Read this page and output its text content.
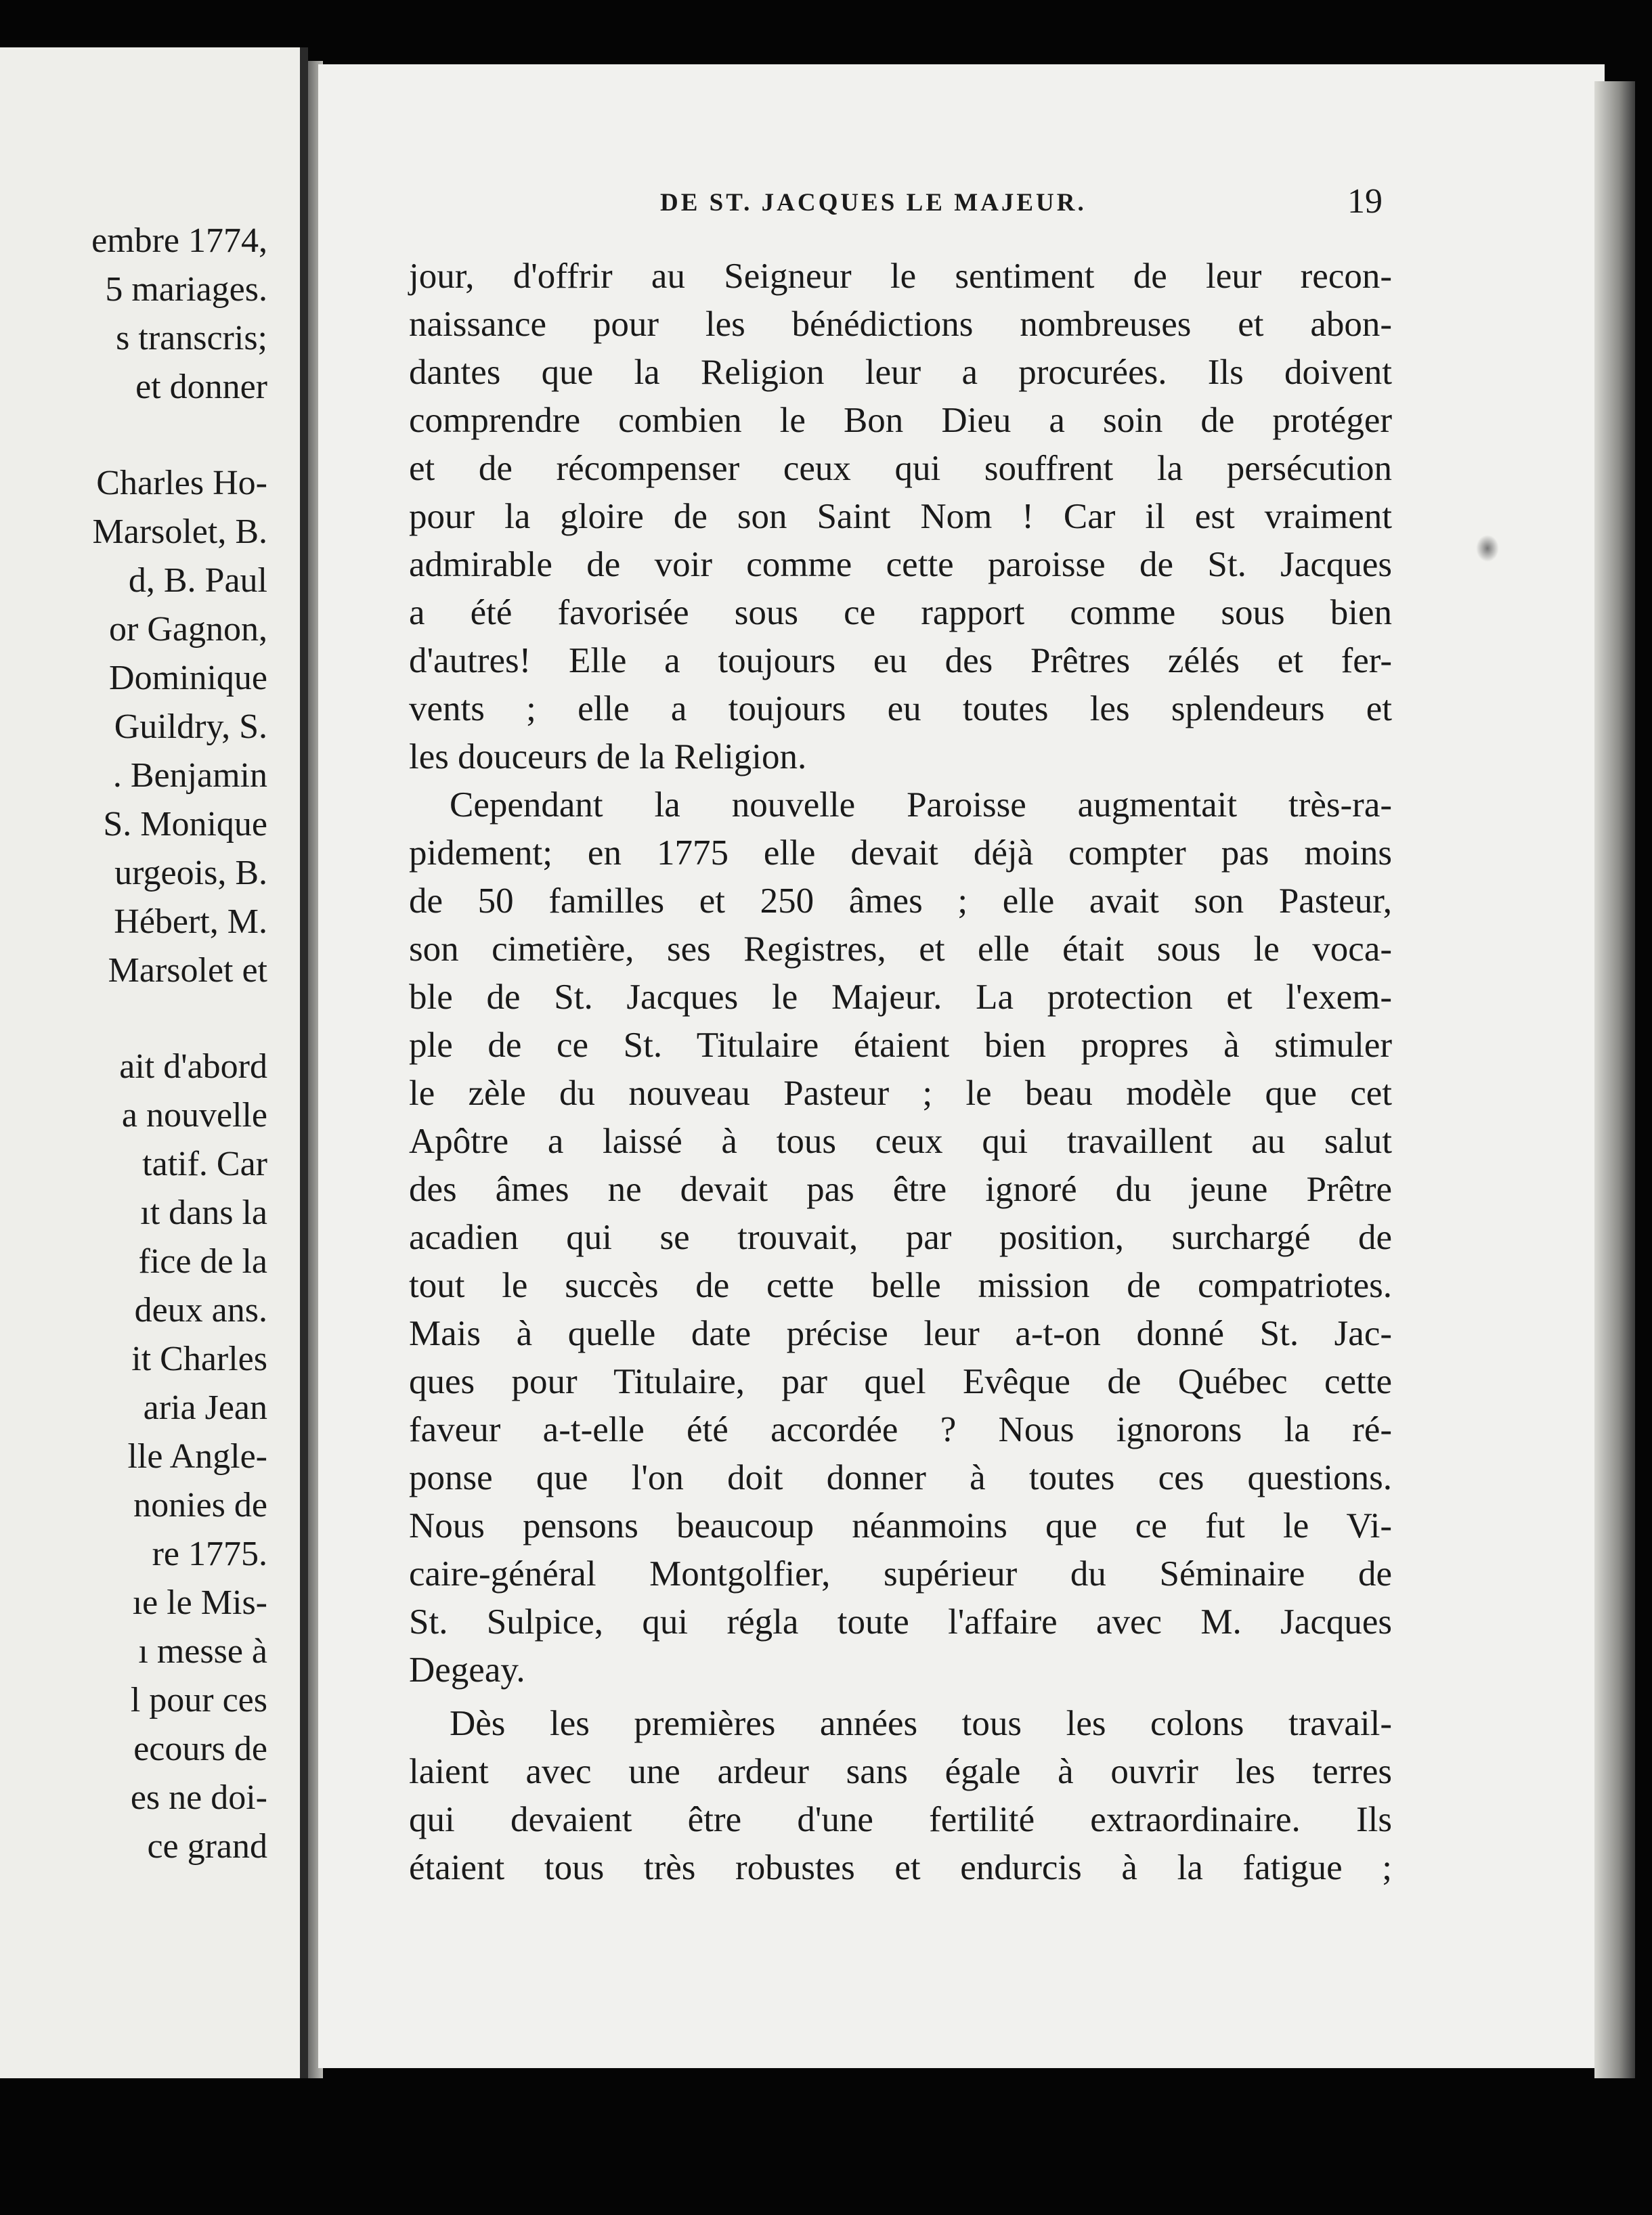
embre 1774,
5 mariages.
s transcris;
et donner
Charles Ho-
Marsolet, B.
d, B. Paul
or Gagnon,
Dominique
Guildry, S.
. Benjamin
S. Monique
urgeois, B.
Hébert, M.
Marsolet et
ait d'abord
a nouvelle
tatif. Car
ıt dans la
fice de la
deux ans.
it Charles
aria Jean
lle Angle-
nonies de
re 1775.
ıe le Mis-
ı messe à
l pour ces
ecours de
es ne doi-
ce grand
DE ST. JACQUES LE MAJEUR.	19
jour, d'offrir au Seigneur le sentiment de leur recon-
naissance pour les bénédictions nombreuses et abon-
dantes que la Religion leur a procurées. Ils doivent
comprendre combien le Bon Dieu a soin de protéger
et de récompenser ceux qui souffrent la persécution
pour la gloire de son Saint Nom ! Car il est vraiment
admirable de voir comme cette paroisse de St. Jacques
a été favorisée sous ce rapport comme sous bien
d'autres! Elle a toujours eu des Prêtres zélés et fer-
vents ; elle a toujours eu toutes les splendeurs et
les douceurs de la Religion.
Cependant la nouvelle Paroisse augmentait très-ra-
pidement; en 1775 elle devait déjà compter pas moins
de 50 familles et 250 âmes ; elle avait son Pasteur,
son cimetière, ses Registres, et elle était sous le voca-
ble de St. Jacques le Majeur. La protection et l'exem-
ple de ce St. Titulaire étaient bien propres à stimuler
le zèle du nouveau Pasteur ; le beau modèle que cet
Apôtre a laissé à tous ceux qui travaillent au salut
des âmes ne devait pas être ignoré du jeune Prêtre
acadien qui se trouvait, par position, surchargé de
tout le succès de cette belle mission de compatriotes.
Mais à quelle date précise leur a-t-on donné St. Jac-
ques pour Titulaire, par quel Evêque de Québec cette
faveur a-t-elle été accordée ? Nous ignorons la ré-
ponse que l'on doit donner à toutes ces questions.
Nous pensons beaucoup néanmoins que ce fut le Vi-
caire-général Montgolfier, supérieur du Séminaire de
St. Sulpice, qui régla toute l'affaire avec M. Jacques
Degeay.
Dès les premières années tous les colons travail-
laient avec une ardeur sans égale à ouvrir les terres
qui devaient être d'une fertilité extraordinaire. Ils
étaient tous très robustes et endurcis à la fatigue ;
